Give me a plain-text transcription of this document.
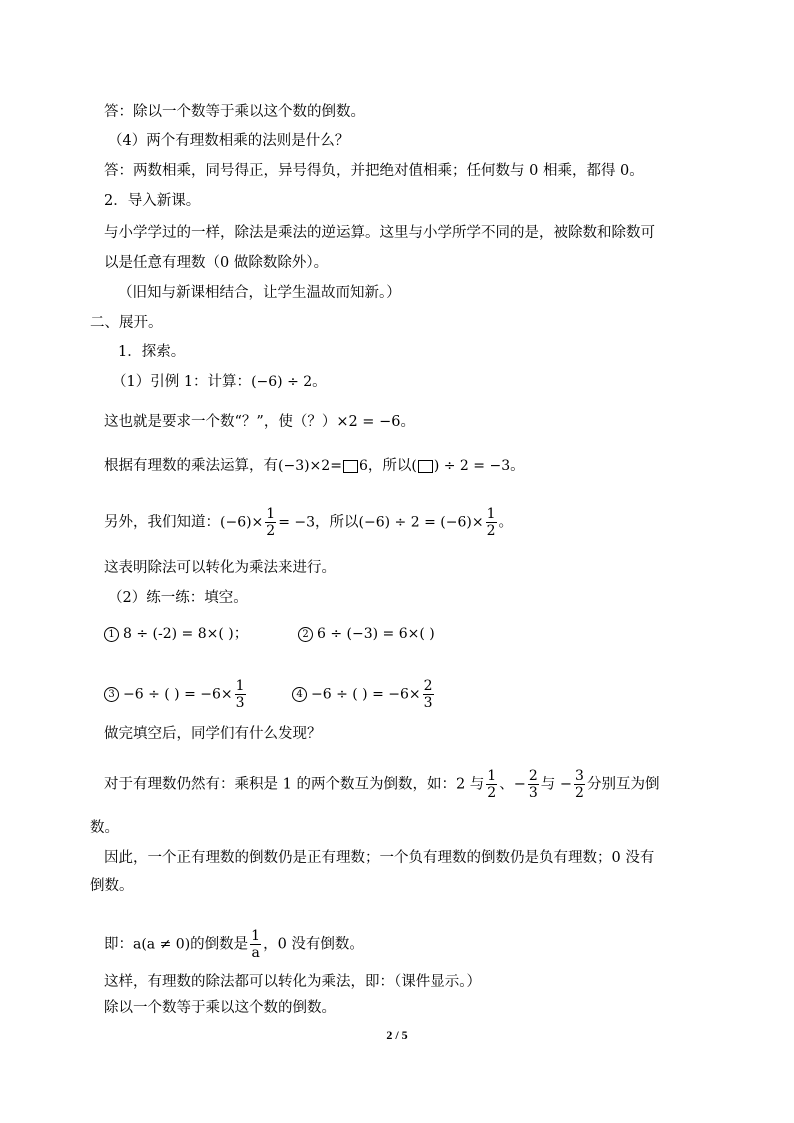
答：除以一个数等于乘以这个数的倒数。
（4）两个有理数相乘的法则是什么？
答：两数相乘，同号得正，异号得负，并把绝对值相乘；任何数与 0 相乘，都得 0。
2．导入新课。
与小学学过的一样，除法是乘法的逆运算。这里与小学所学不同的是，被除数和除数可
以是任意有理数（0 做除数除外）。
（旧知与新课相结合，让学生温故而知新。）
二、展开。
1．探索。
（1）引例 1：计算：(−6) ÷ 2。
这也就是要求一个数“？”，使（？）×2 = −6。
根据有理数的乘法运算，有(−3)×2= 6，所以( ) ÷ 2 = −3。
另外，我们知道：$(-6)\times \frac{1}{2} = -3$，所以$(-6) \div 2 = (-6)\times \frac{1}{2}$ 。
这表明除法可以转化为乘法来进行。
（2）练一练：填空。
1 8 ÷ (-2) = 8×( )；	2 6 ÷ (−3) = 6×( )
3 −6 ÷ ( ) = $-6\times \frac{1}{3}$	4 −6 ÷ ( ) = $-6\times \frac{2}{3}$
做完填空后，同学们有什么发现？
对于有理数仍然有：乘积是 1 的两个数互为倒数，如：2 与 $\frac{1}{2}$ 、− $\frac{2}{3}$ 与 − $\frac{3}{2}$ 分别互为倒
数。
因此，一个正有理数的倒数仍是正有理数；一个负有理数的倒数仍是负有理数；0 没有
倒数。
即：a(a ≠ 0)的倒数是 $\frac{1}{a}$ ，0 没有倒数。
这样，有理数的除法都可以转化为乘法，即：（课件显示。）
除以一个数等于乘以这个数的倒数。
2 / 5
